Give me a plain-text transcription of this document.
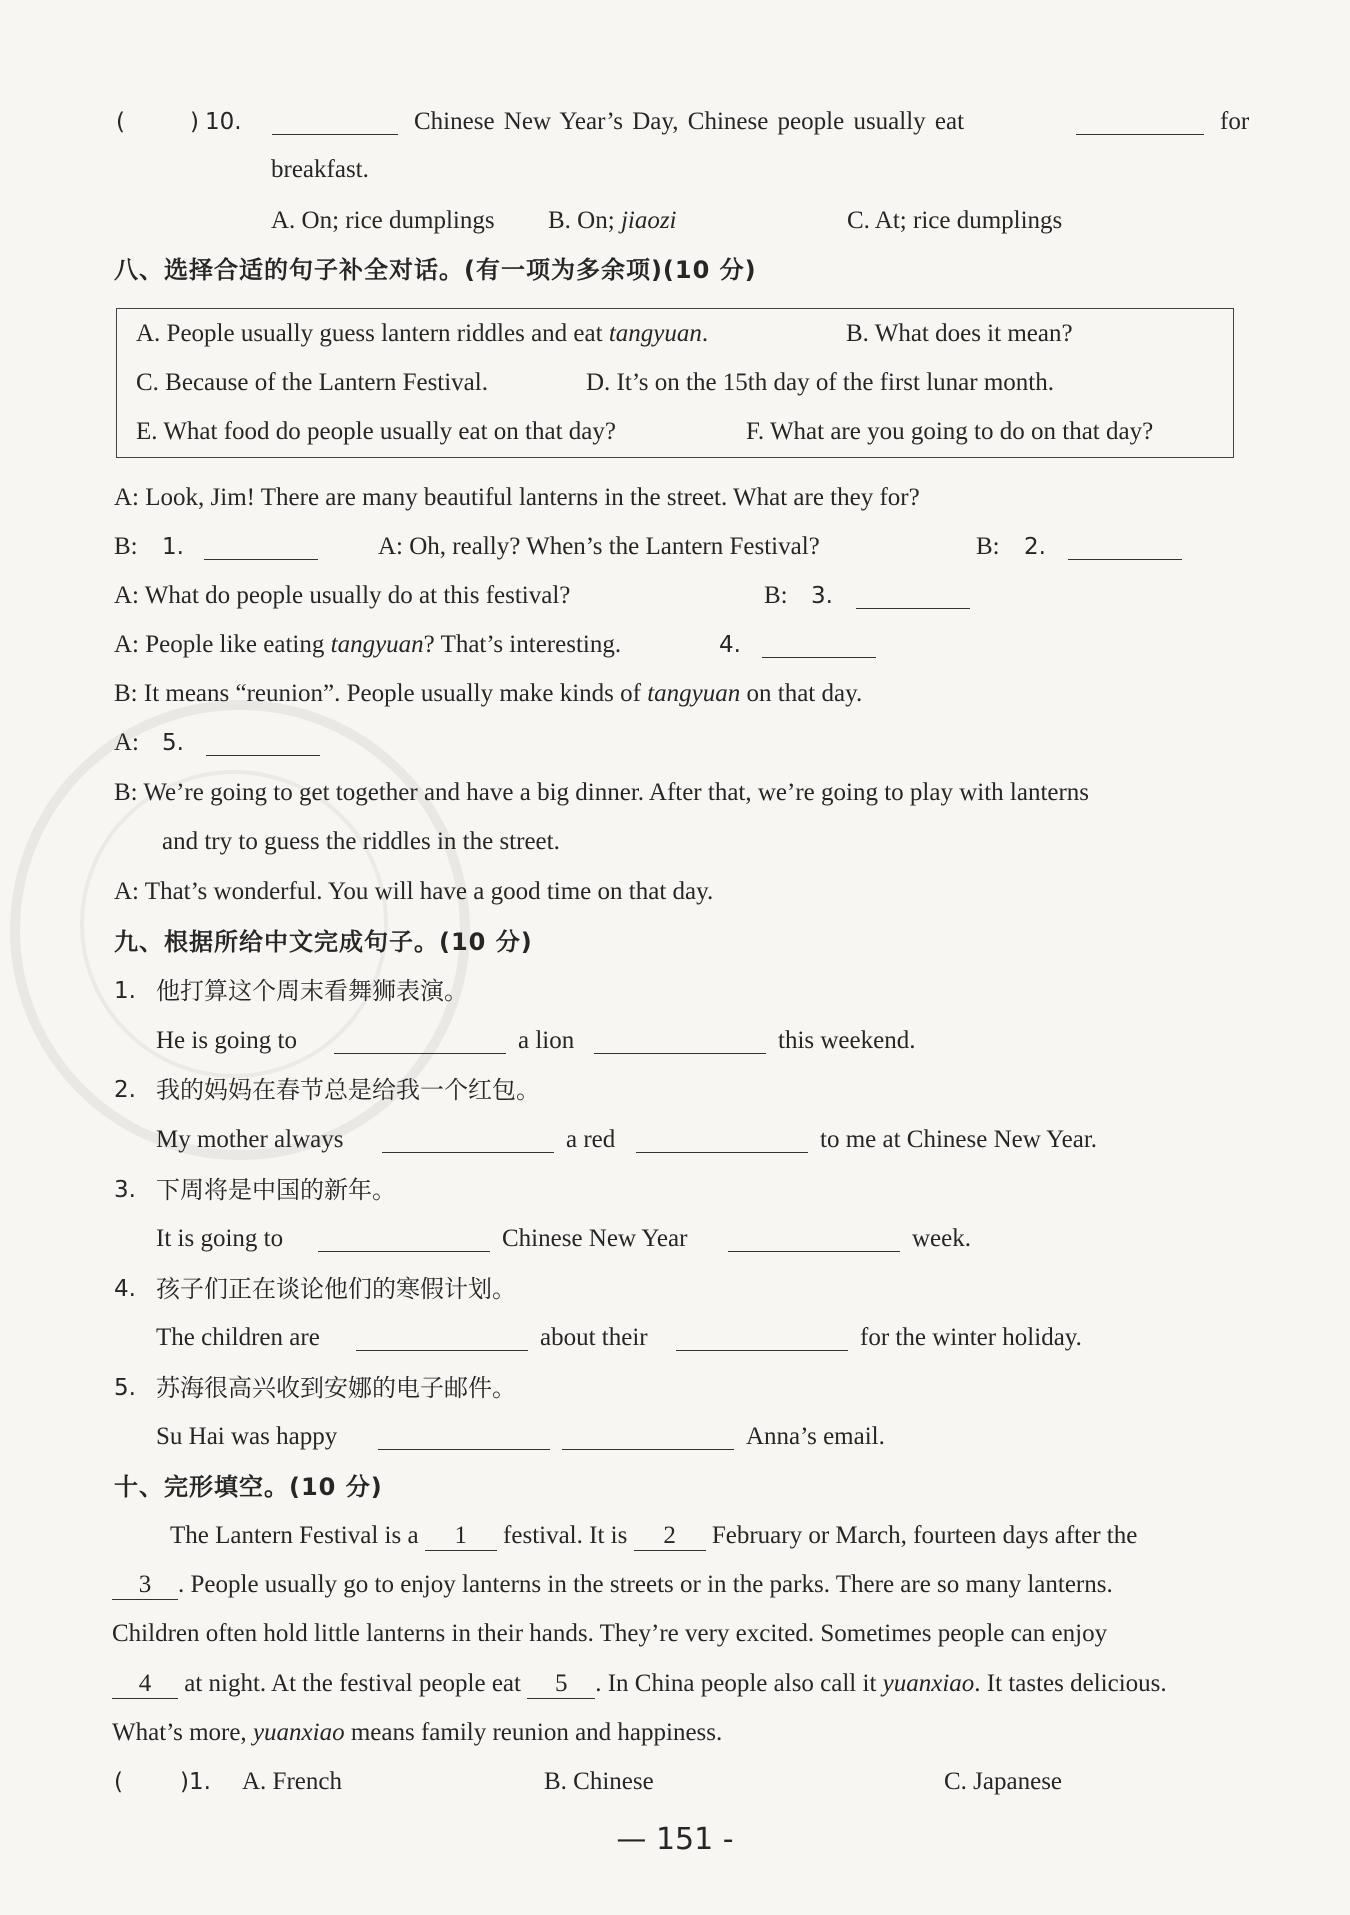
(	) 10.	Chinese New Year’s Day, Chinese people usually eat	for
breakfast.
A. On; rice dumplings B. On; jiaozi	C. At; rice dumplings
八、选择合适的句子补全对话。(有一项为多余项)(10 分)
A. People usually guess lantern riddles and eat tangyuan.	B. What does it mean?
C. Because of the Lantern Festival.	D. It’s on the 15th day of the first lunar month.
E. What food do people usually eat on that day?	F. What are you going to do on that day?
A: Look, Jim! There are many beautiful lanterns in the street. What are they for?
B: 1.	A: Oh, really? When’s the Lantern Festival?	B: 2.
A: What do people usually do at this festival?	B: 3.
A: People like eating tangyuan? That’s interesting.	4.
B: It means “reunion”. People usually make kinds of tangyuan on that day.
A: 5.
B: We’re going to get together and have a big dinner. After that, we’re going to play with lanterns
and try to guess the riddles in the street.
A: That’s wonderful. You will have a good time on that day.
九、根据所给中文完成句子。(10 分)
1. 他打算这个周末看舞狮表演。
He is going to	a lion	this weekend.
2. 我的妈妈在春节总是给我一个红包。
My mother always	a red	to me at Chinese New Year.
3. 下周将是中国的新年。
It is going to	Chinese New Year	week.
4. 孩子们正在谈论他们的寒假计划。
The children are	about their	for the winter holiday.
5. 苏海很高兴收到安娜的电子邮件。
Su Hai was happy	Anna’s email.
十、完形填空。(10 分)
The Lantern Festival is a 1 festival. It is 2 February or March, fourteen days after the
3 . People usually go to enjoy lanterns in the streets or in the parks. There are so many lanterns.
Children often hold little lanterns in their hands. They’re very excited. Sometimes people can enjoy
4 at night. At the festival people eat 5 . In China people also call it yuanxiao. It tastes delicious.
What’s more, yuanxiao means family reunion and happiness.
( )1. A. French	B. Chinese	C. Japanese
— 151 -
